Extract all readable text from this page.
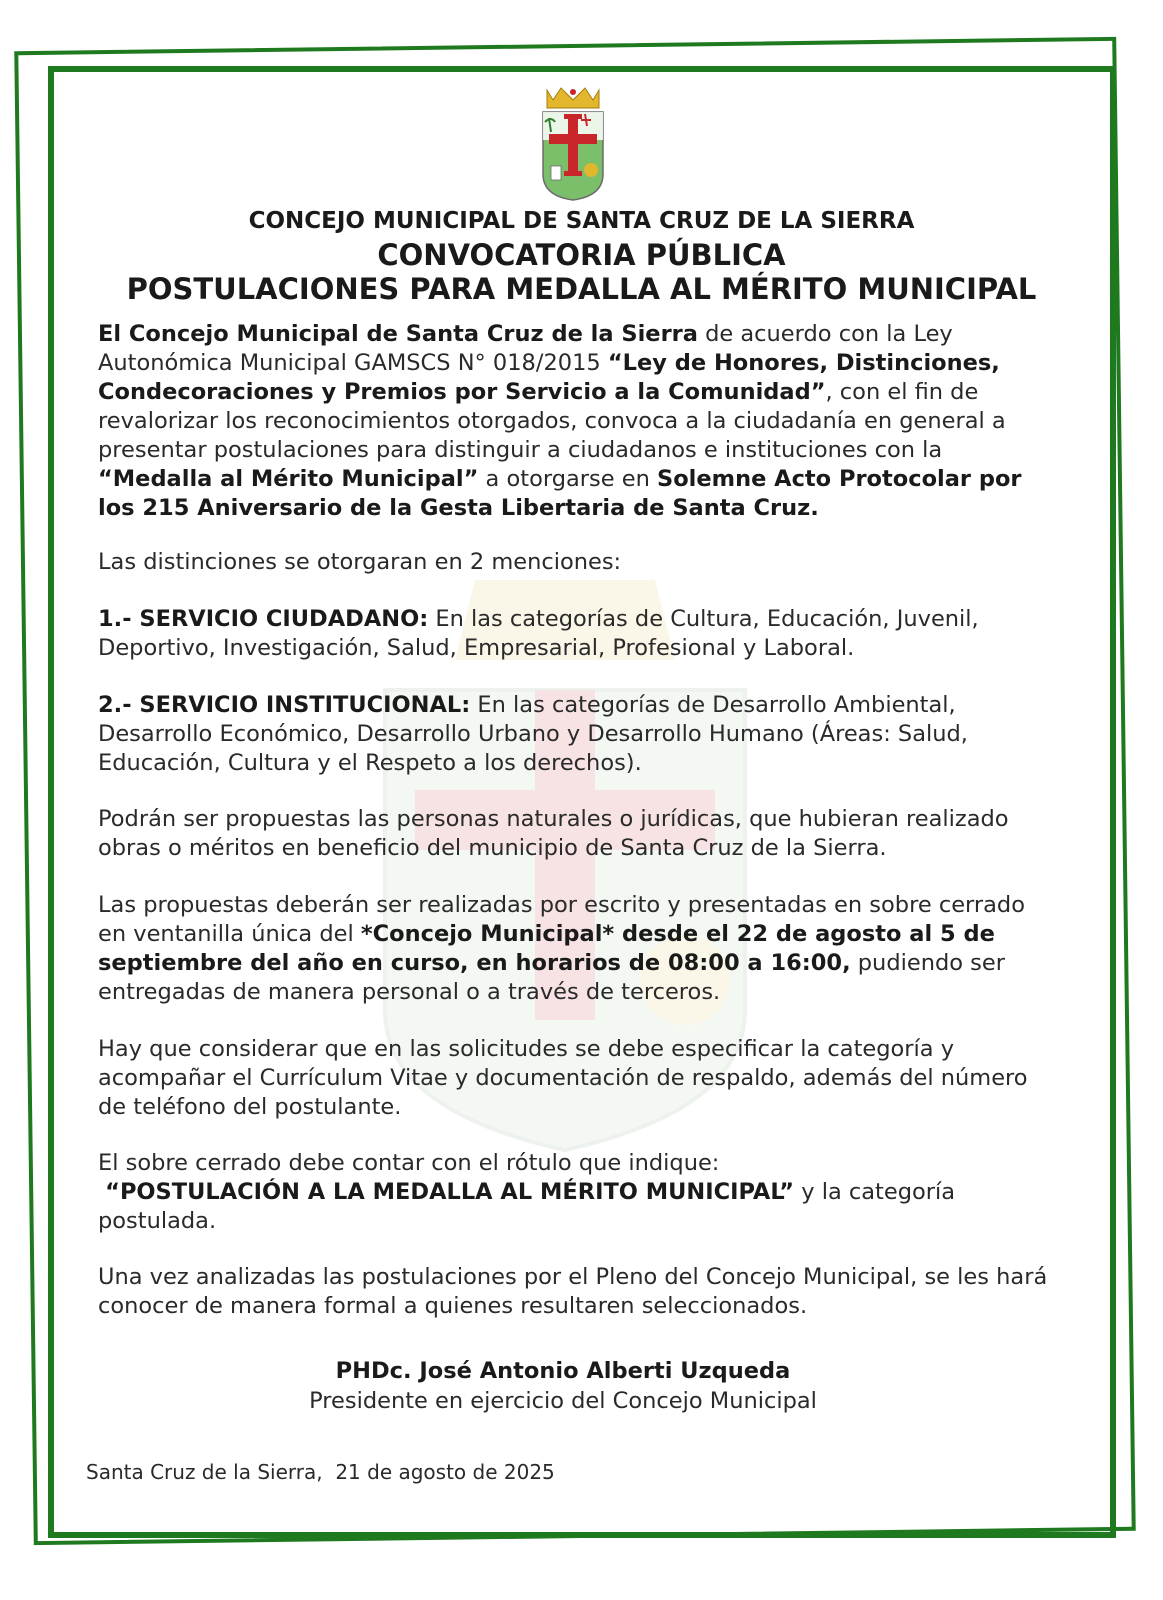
CONCEJO MUNICIPAL DE SANTA CRUZ DE LA SIERRA
CONVOCATORIA PÚBLICA
POSTULACIONES PARA MEDALLA AL MÉRITO MUNICIPAL

El Concejo Municipal de Santa Cruz de la Sierra de acuerdo con la Ley Autonómica Municipal GAMSCS N° 018/2015 “Ley de Honores, Distinciones, Condecoraciones y Premios por Servicio a la Comunidad”, con el fin de revalorizar los reconocimientos otorgados, convoca a la ciudadanía en general a presentar postulaciones para distinguir a ciudadanos e instituciones con la “Medalla al Mérito Municipal” a otorgarse en Solemne Acto Protocolar por los 215 Aniversario de la Gesta Libertaria de Santa Cruz.

Las distinciones se otorgaran en 2 menciones:

1.- SERVICIO CIUDADANO: En las categorías de Cultura, Educación, Juvenil, Deportivo, Investigación, Salud, Empresarial, Profesional y Laboral.

2.- SERVICIO INSTITUCIONAL: En las categorías de Desarrollo Ambiental, Desarrollo Económico, Desarrollo Urbano y Desarrollo Humano (Áreas: Salud, Educación, Cultura y el Respeto a los derechos).

Podrán ser propuestas las personas naturales o jurídicas, que hubieran realizado obras o méritos en beneficio del municipio de Santa Cruz de la Sierra.

Las propuestas deberán ser realizadas por escrito y presentadas en sobre cerrado en ventanilla única del *Concejo Municipal* desde el 22 de agosto al 5 de septiembre del año en curso, en horarios de 08:00 a 16:00, pudiendo ser entregadas de manera personal o a través de terceros.

Hay que considerar que en las solicitudes se debe especificar la categoría y acompañar el Currículum Vitae y documentación de respaldo, además del número de teléfono del postulante.

El sobre cerrado debe contar con el rótulo que indique:
“POSTULACIÓN A LA MEDALLA AL MÉRITO MUNICIPAL” y la categoría postulada.

Una vez analizadas las postulaciones por el Pleno del Concejo Municipal, se les hará conocer de manera formal a quienes resultaren seleccionados.

PHDc. José Antonio Alberti Uzqueda
Presidente en ejercicio del Concejo Municipal
Santa Cruz de la Sierra, 21 de agosto de 2025
